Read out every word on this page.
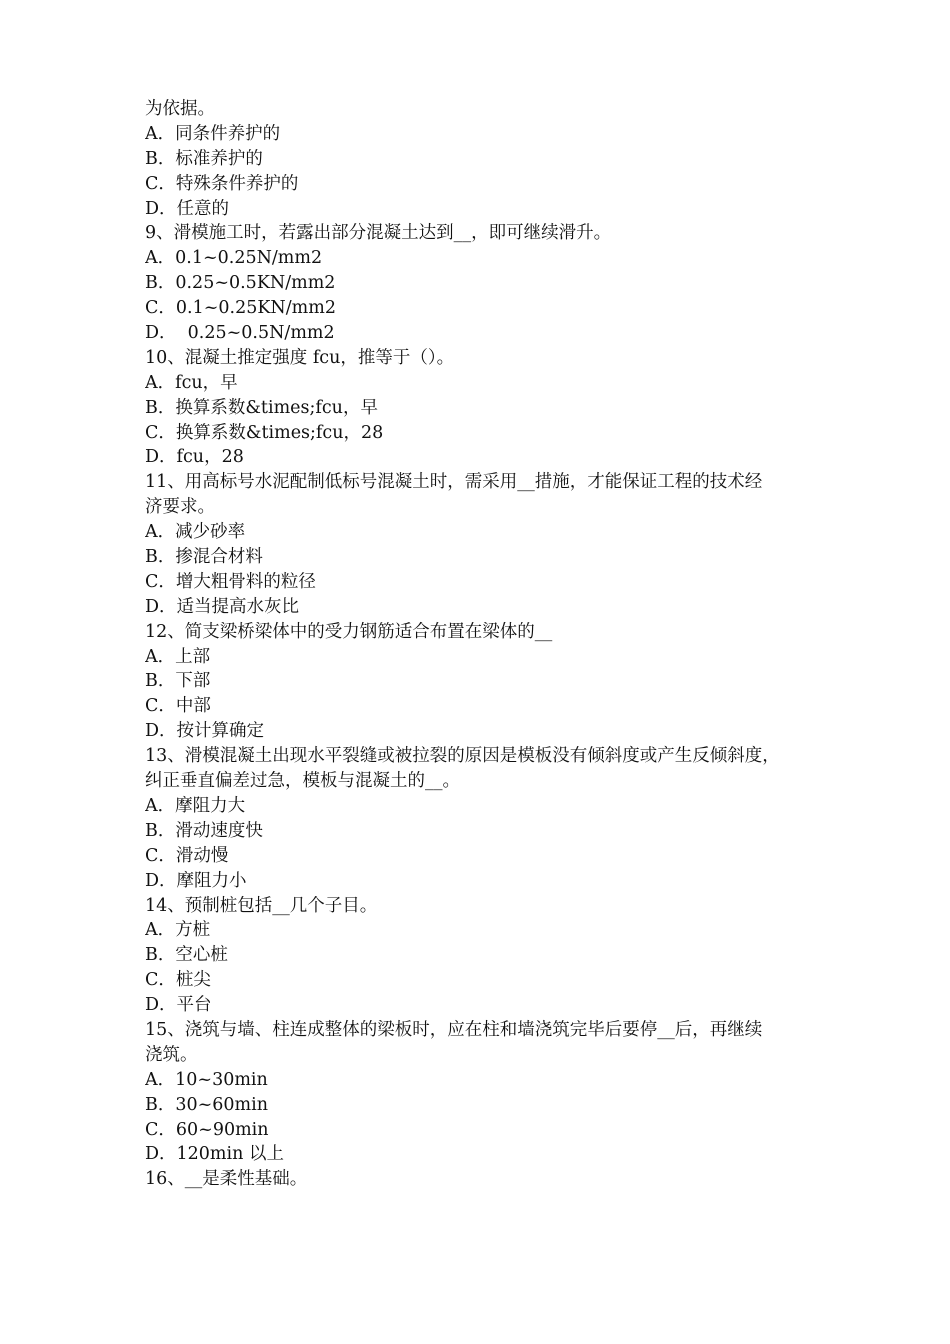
为依据。
A．同条件养护的
B．标准养护的
C．特殊条件养护的
D．任意的
9、滑模施工时，若露出部分混凝土达到__，即可继续滑升。
A．0.1~0.25N/mm2
B．0.25~0.5KN/mm2
C．0.1~0.25KN/mm2
D．  0.25~0.5N/mm2
10、混凝土推定强度 fcu，推等于（）。
A．fcu，早
B．换算系数&times;fcu，早
C．换算系数&times;fcu，28
D．fcu，28
11、用高标号水泥配制低标号混凝土时，需采用__措施，才能保证工程的技术经
济要求。
A．减少砂率
B．掺混合材料
C．增大粗骨料的粒径
D．适当提高水灰比
12、简支梁桥梁体中的受力钢筋适合布置在梁体的__
A．上部
B．下部
C．中部
D．按计算确定
13、滑模混凝土出现水平裂缝或被拉裂的原因是模板没有倾斜度或产生反倾斜度，
纠正垂直偏差过急，模板与混凝土的__。
A．摩阻力大
B．滑动速度快
C．滑动慢
D．摩阻力小
14、预制桩包括__几个子目。
A．方桩
B．空心桩
C．桩尖
D．平台
15、浇筑与墙、柱连成整体的梁板时，应在柱和墙浇筑完毕后要停__后，再继续
浇筑。
A．10~30min
B．30~60min
C．60~90min
D．120min 以上
16、__是柔性基础。
